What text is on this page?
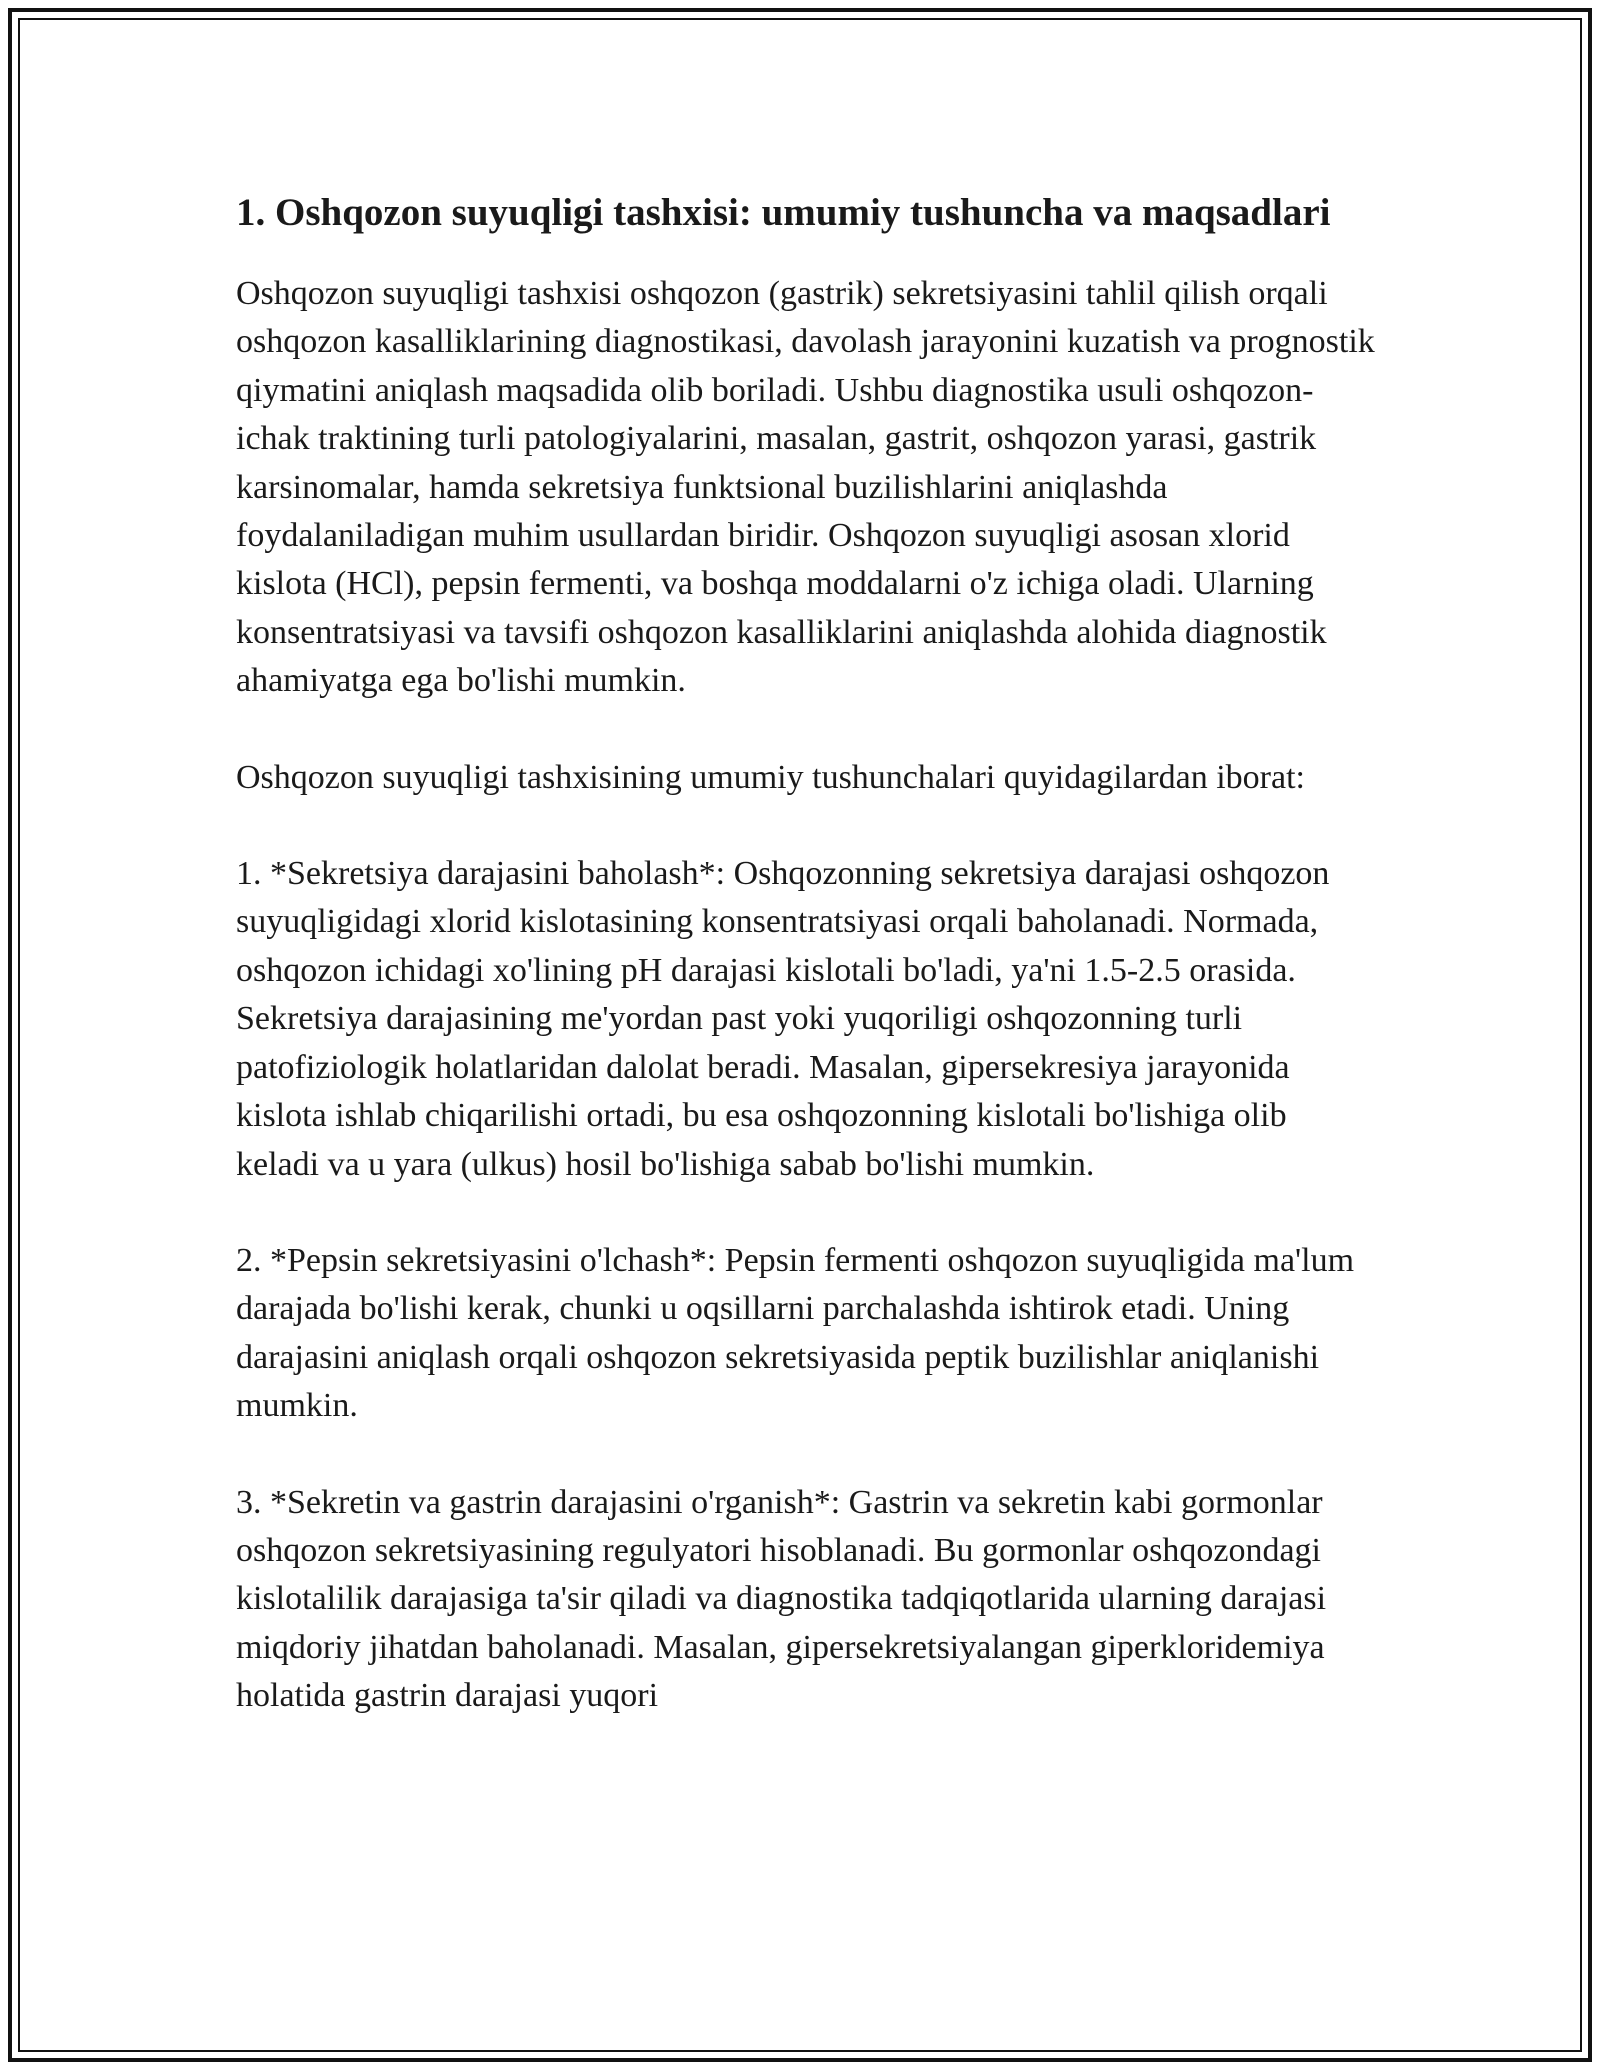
1. Oshqozon suyuqligi tashxisi: umumiy tushuncha va maqsadlari

Oshqozon suyuqligi tashxisi oshqozon (gastrik) sekretsiyasini tahlil qilish orqali oshqozon kasalliklarining diagnostikasi, davolash jarayonini kuzatish va prognostik qiymatini aniqlash maqsadida olib boriladi. Ushbu diagnostika usuli oshqozon-ichak traktining turli patologiyalarini, masalan, gastrit, oshqozon yarasi, gastrik karsinomalar, hamda sekretsiya funktsional buzilishlarini aniqlashda foydalaniladigan muhim usullardan biridir. Oshqozon suyuqligi asosan xlorid kislota (HCl), pepsin fermenti, va boshqa moddalarni o'z ichiga oladi. Ularning konsentratsiyasi va tavsifi oshqozon kasalliklarini aniqlashda alohida diagnostik ahamiyatga ega bo'lishi mumkin.

Oshqozon suyuqligi tashxisining umumiy tushunchalari quyidagilardan iborat:

1. *Sekretsiya darajasini baholash*: Oshqozonning sekretsiya darajasi oshqozon suyuqligidagi xlorid kislotasining konsentratsiyasi orqali baholanadi. Normada, oshqozon ichidagi xo'lining pH darajasi kislotali bo'ladi, ya'ni 1.5-2.5 orasida. Sekretsiya darajasining me'yordan past yoki yuqoriligi oshqozonning turli patofiziologik holatlaridan dalolat beradi. Masalan, gipersekresiya jarayonida kislota ishlab chiqarilishi ortadi, bu esa oshqozonning kislotali bo'lishiga olib keladi va u yara (ulkus) hosil bo'lishiga sabab bo'lishi mumkin.

2. *Pepsin sekretsiyasini o'lchash*: Pepsin fermenti oshqozon suyuqligida ma'lum darajada bo'lishi kerak, chunki u oqsillarni parchalashda ishtirok etadi. Uning darajasini aniqlash orqali oshqozon sekretsiyasida peptik buzilishlar aniqlanishi mumkin.

3. *Sekretin va gastrin darajasini o'rganish*: Gastrin va sekretin kabi gormonlar oshqozon sekretsiyasining regulyatori hisoblanadi. Bu gormonlar oshqozondagi kislotalilik darajasiga ta'sir qiladi va diagnostika tadqiqotlarida ularning darajasi miqdoriy jihatdan baholanadi. Masalan, gipersekretsiyalangan giperkloridemiya holatida gastrin darajasi yuqori
